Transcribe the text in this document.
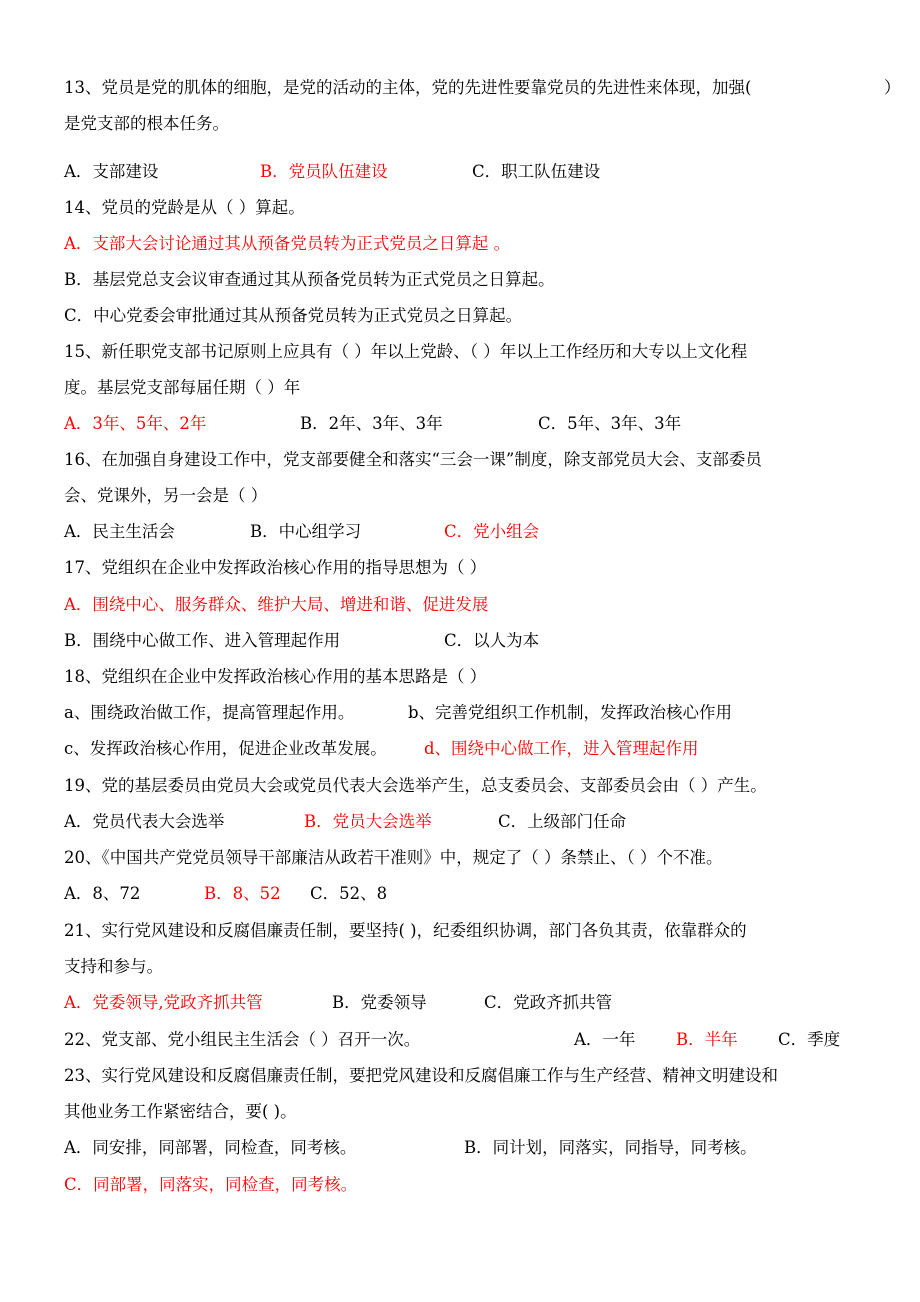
13、党员是党的肌体的细胞，是党的活动的主体，党的先进性要靠党员的先进性来体现，加强(	）
是党支部的根本任务。
A．支部建设	B．党员队伍建设	C．职工队伍建设
14、党员的党龄是从（ ）算起。
A．支部大会讨论通过其从预备党员转为正式党员之日算起 。
B．基层党总支会议审查通过其从预备党员转为正式党员之日算起。
C．中心党委会审批通过其从预备党员转为正式党员之日算起。
15、新任职党支部书记原则上应具有（ ）年以上党龄、（ ）年以上工作经历和大专以上文化程
度。基层党支部每届任期（ ）年
A．3年、5年、2年	B．2年、3年、3年	C．5年、3年、3年
16、在加强自身建设工作中，党支部要健全和落实“三会一课”制度，除支部党员大会、支部委员
会、党课外，另一会是（ ）
A．民主生活会	B．中心组学习	C．党小组会
17、党组织在企业中发挥政治核心作用的指导思想为（ ）
A．围绕中心、服务群众、维护大局、增进和谐、促进发展
B．围绕中心做工作、进入管理起作用	C．以人为本
18、党组织在企业中发挥政治核心作用的基本思路是（ ）
a、围绕政治做工作，提高管理起作用。	b、完善党组织工作机制，发挥政治核心作用
c、发挥政治核心作用，促进企业改革发展。 d、围绕中心做工作，进入管理起作用
19、党的基层委员由党员大会或党员代表大会选举产生，总支委员会、支部委员会由（ ）产生。
A．党员代表大会选举	B．党员大会选举	C．上级部门任命
20、《中国共产党党员领导干部廉洁从政若干准则》中，规定了（ ）条禁止、（ ）个不准。
A．8、72	B．8、52 C．52、8
21、实行党风建设和反腐倡廉责任制，要坚持( )，纪委组织协调，部门各负其责，依靠群众的
支持和参与。
A．党委领导,党政齐抓共管	B．党委领导	C．党政齐抓共管
22、党支部、党小组民主生活会（ ）召开一次。	A．一年 B．半年 C．季度
23、实行党风建设和反腐倡廉责任制，要把党风建设和反腐倡廉工作与生产经营、精神文明建设和
其他业务工作紧密结合，要( )。
A．同安排，同部署，同检查，同考核。	B．同计划，同落实，同指导，同考核。
C．同部署，同落实，同检查，同考核。
